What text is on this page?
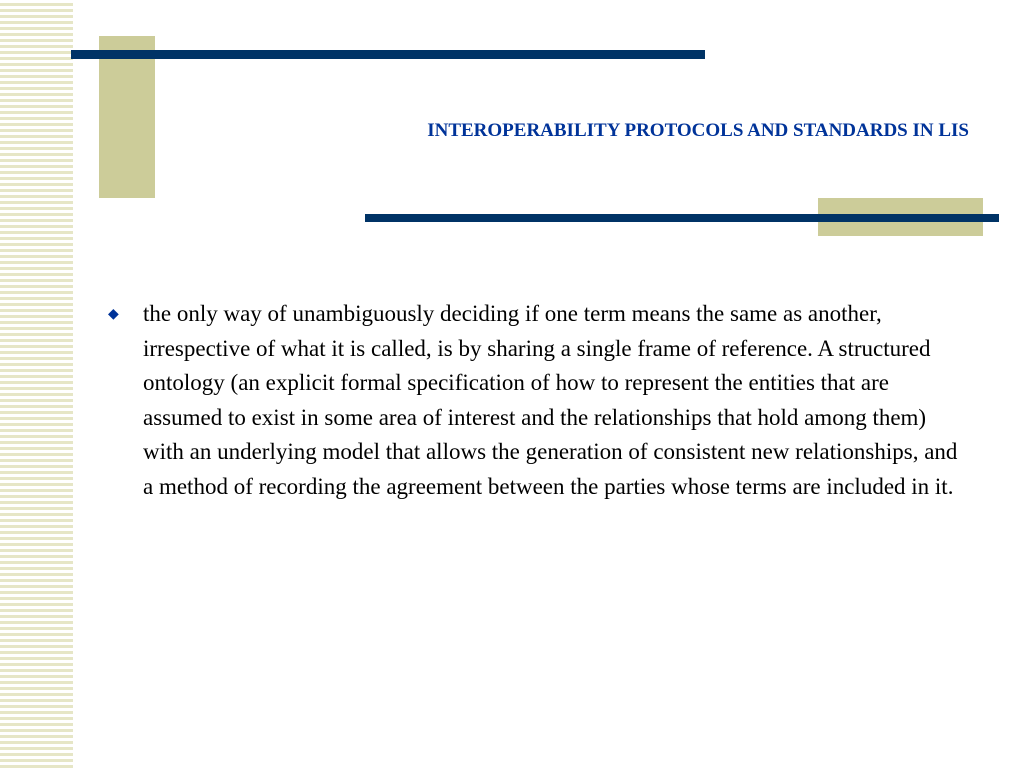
INTEROPERABILITY PROTOCOLS AND STANDARDS IN LIS
◆	the only way of unambiguously deciding if one term means the same as another, irrespective of what it is called, is by sharing a single frame of reference. A structured ontology (an explicit formal specification of how to represent the entities that are assumed to exist in some area of interest and the relationships that hold among them) with an underlying model that allows the generation of consistent new relationships, and a method of recording the agreement between the parties whose terms are included in it.
